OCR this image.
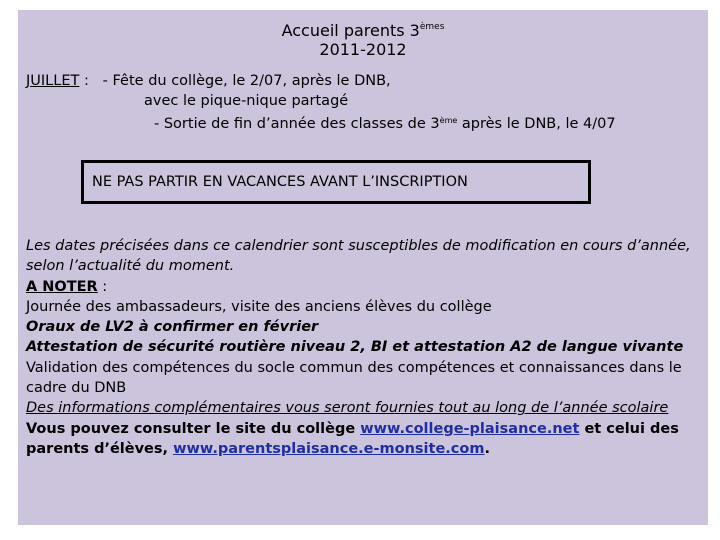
Accueil parents 3èmes
2011-2012
JUILLET :   - Fête du collège, le 2/07, après le DNB,
avec le pique-nique partagé
- Sortie de fin d’année des classes de 3ème après le DNB, le 4/07
NE PAS PARTIR EN VACANCES AVANT L’INSCRIPTION

Les dates précisées dans ce calendrier sont susceptibles de modification en cours d’année, selon l’actualité du moment.

A NOTER :

Journée des ambassadeurs, visite des anciens élèves du collège

Oraux de LV2 à confirmer en février

Attestation de sécurité routière niveau 2, BI et attestation A2 de langue vivante

Validation des compétences du socle commun des compétences et connaissances dans le cadre du DNB

Des informations complémentaires vous seront fournies tout au long de l’année scolaire

Vous pouvez consulter le site du collège www.college-plaisance.net et celui des parents d’élèves, www.parentsplaisance.e-monsite.com.
